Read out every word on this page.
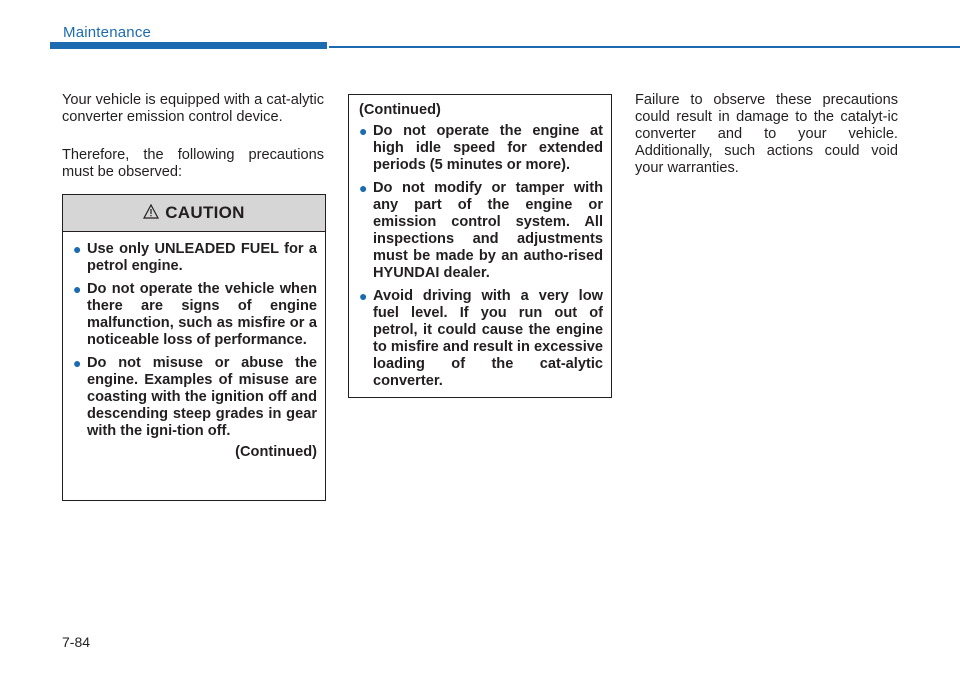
Maintenance

Your vehicle is equipped with a cat-alytic converter emission control device.

Therefore, the following precautions must be observed:

CAUTION
● Use only UNLEADED FUEL for a petrol engine.
● Do not operate the vehicle when there are signs of engine malfunction, such as misfire or a noticeable loss of performance.
● Do not misuse or abuse the engine. Examples of misuse are coasting with the ignition off and descending steep grades in gear with the igni-tion off.
(Continued)
(Continued)
● Do not operate the engine at high idle speed for extended periods (5 minutes or more).
● Do not modify or tamper with any part of the engine or emission control system. All inspections and adjustments must be made by an autho-rised HYUNDAI dealer.
● Avoid driving with a very low fuel level. If you run out of petrol, it could cause the engine to misfire and result in excessive loading of the cat-alytic converter.

Failure to observe these precautions could result in damage to the catalyt-ic converter and to your vehicle. Additionally, such actions could void your warranties.

7-84
